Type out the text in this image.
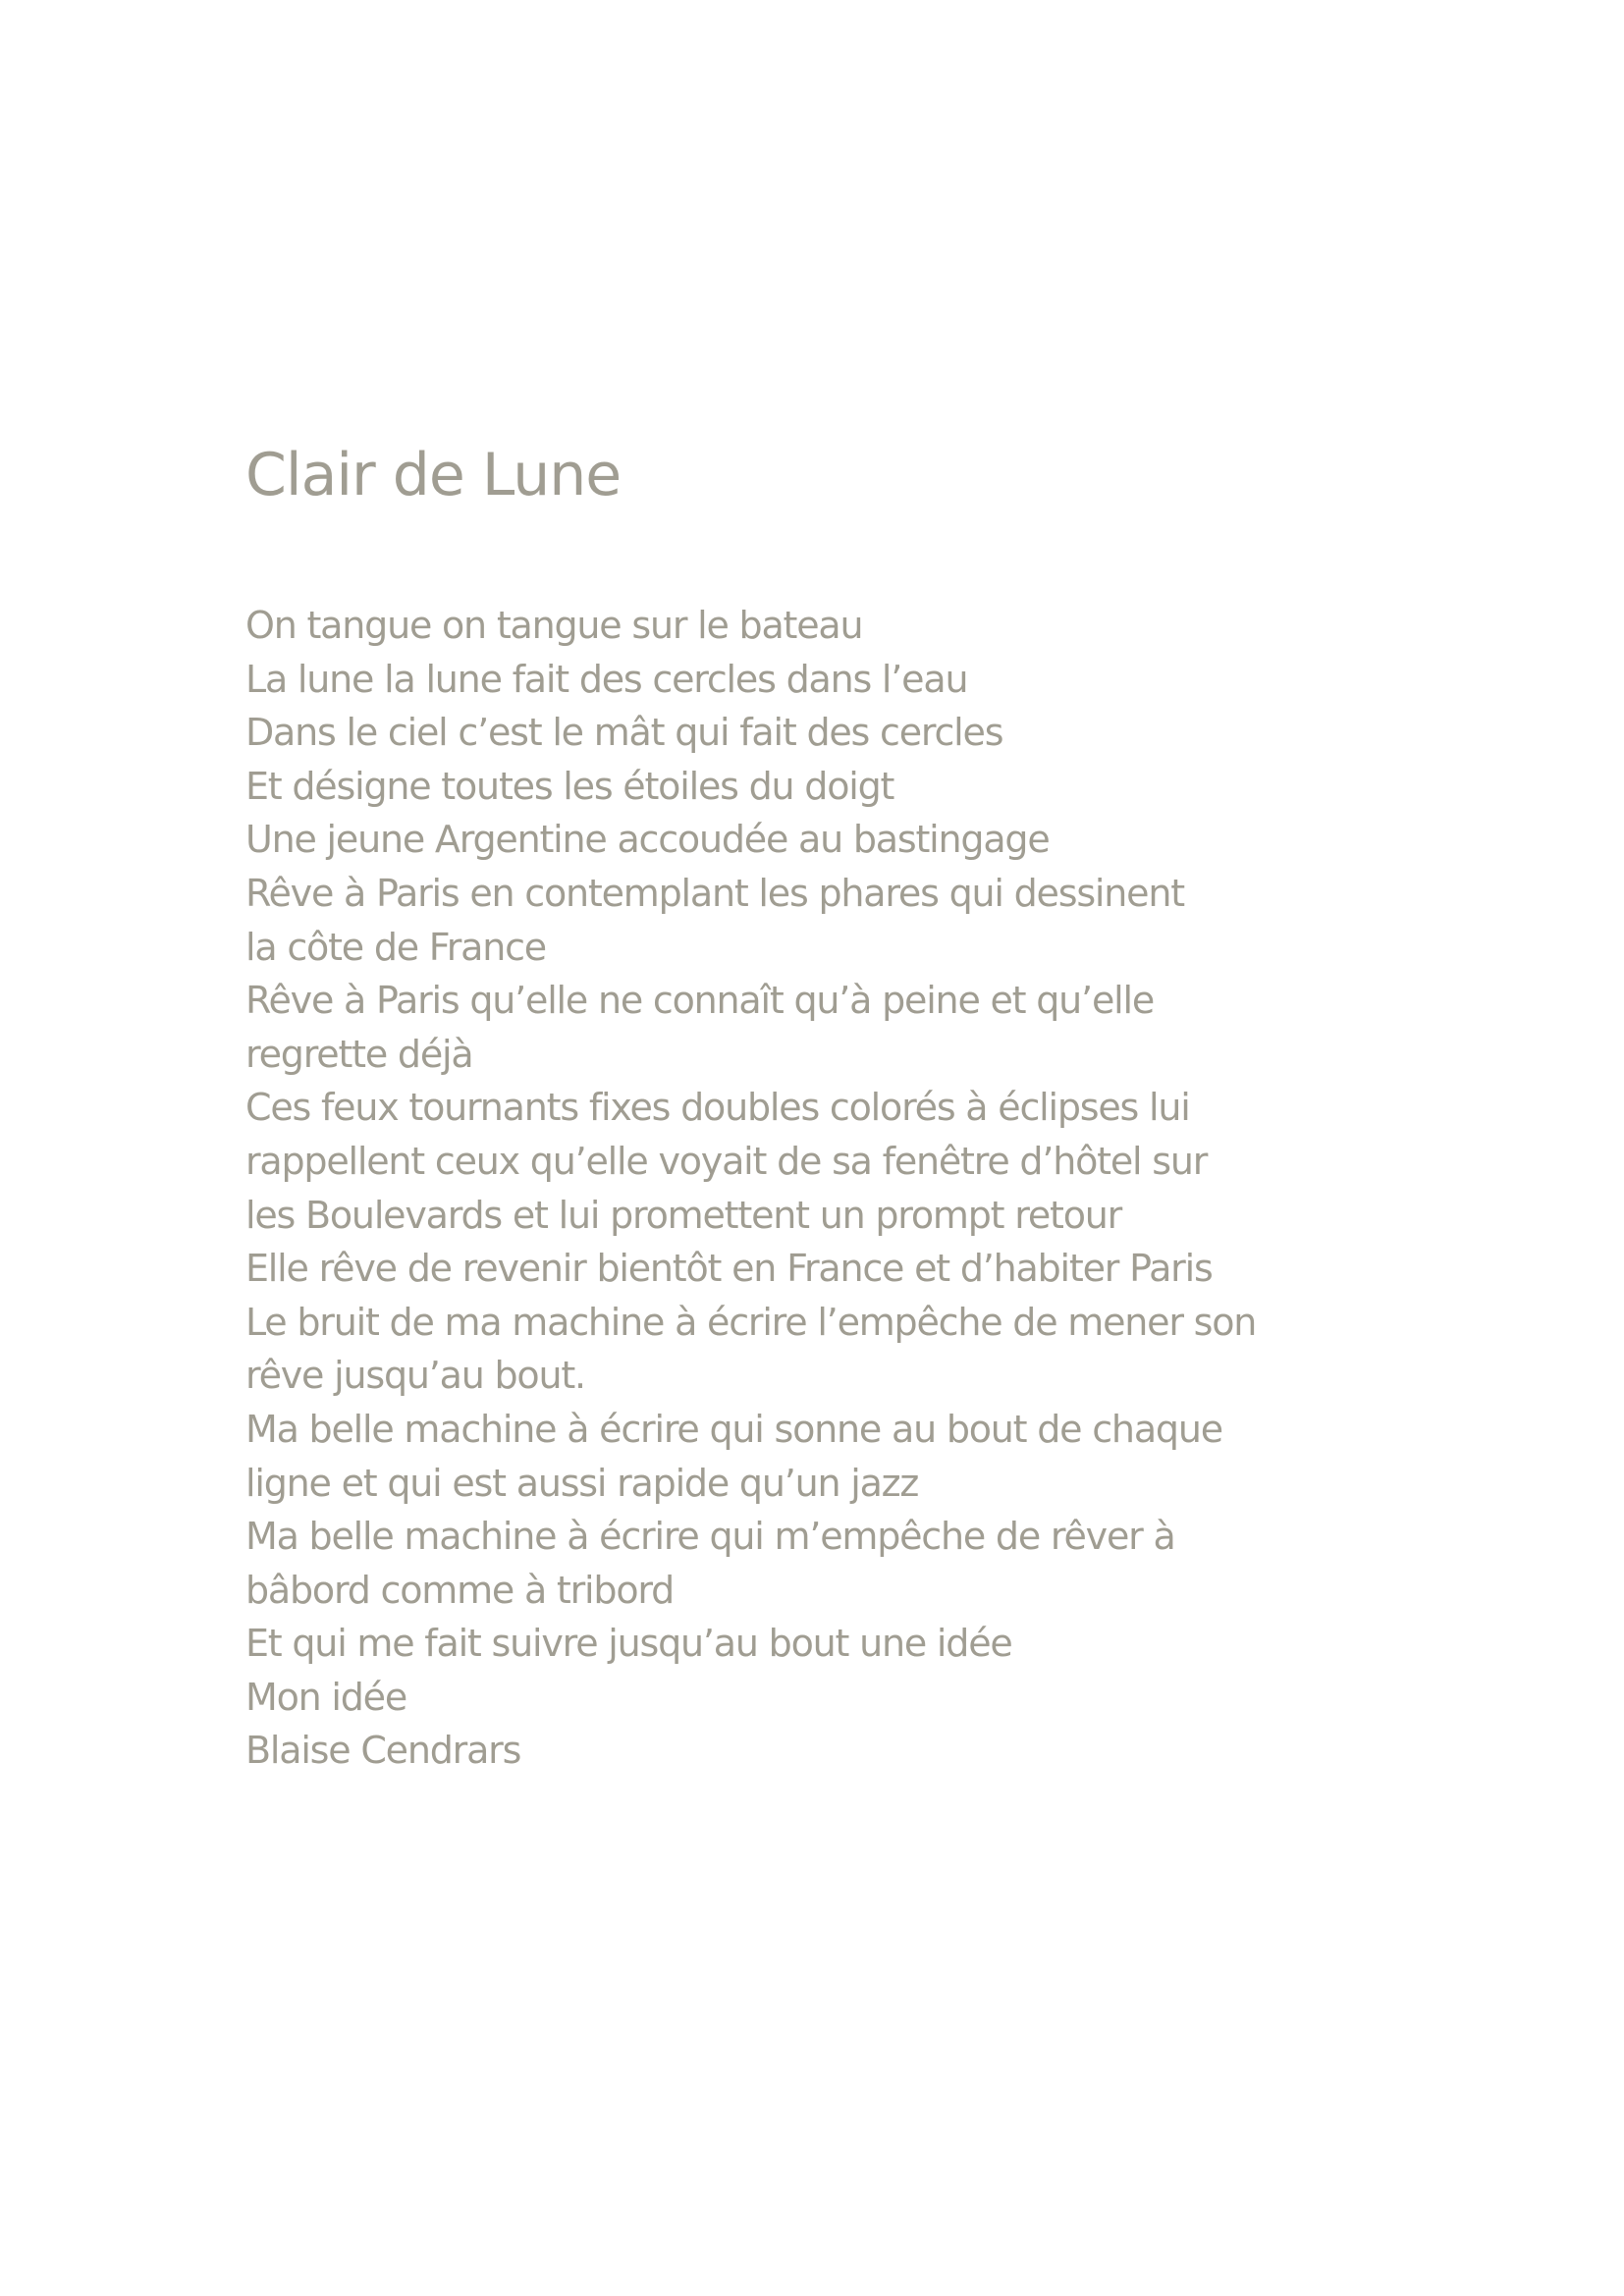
Clair de Lune
On tangue on tangue sur le bateau
La lune la lune fait des cercles dans l’eau
Dans le ciel c’est le mât qui fait des cercles
Et désigne toutes les étoiles du doigt
Une jeune Argentine accoudée au bastingage
Rêve à Paris en contemplant les phares qui dessinent
la côte de France
Rêve à Paris qu’elle ne connaît qu’à peine et qu’elle
regrette déjà
Ces feux tournants fixes doubles colorés à éclipses lui
rappellent ceux qu’elle voyait de sa fenêtre d’hôtel sur
les Boulevards et lui promettent un prompt retour
Elle rêve de revenir bientôt en France et d’habiter Paris
Le bruit de ma machine à écrire l’empêche de mener son
rêve jusqu’au bout.
Ma belle machine à écrire qui sonne au bout de chaque
ligne et qui est aussi rapide qu’un jazz
Ma belle machine à écrire qui m’empêche de rêver à
bâbord comme à tribord
Et qui me fait suivre jusqu’au bout une idée
Mon idée
Blaise Cendrars
